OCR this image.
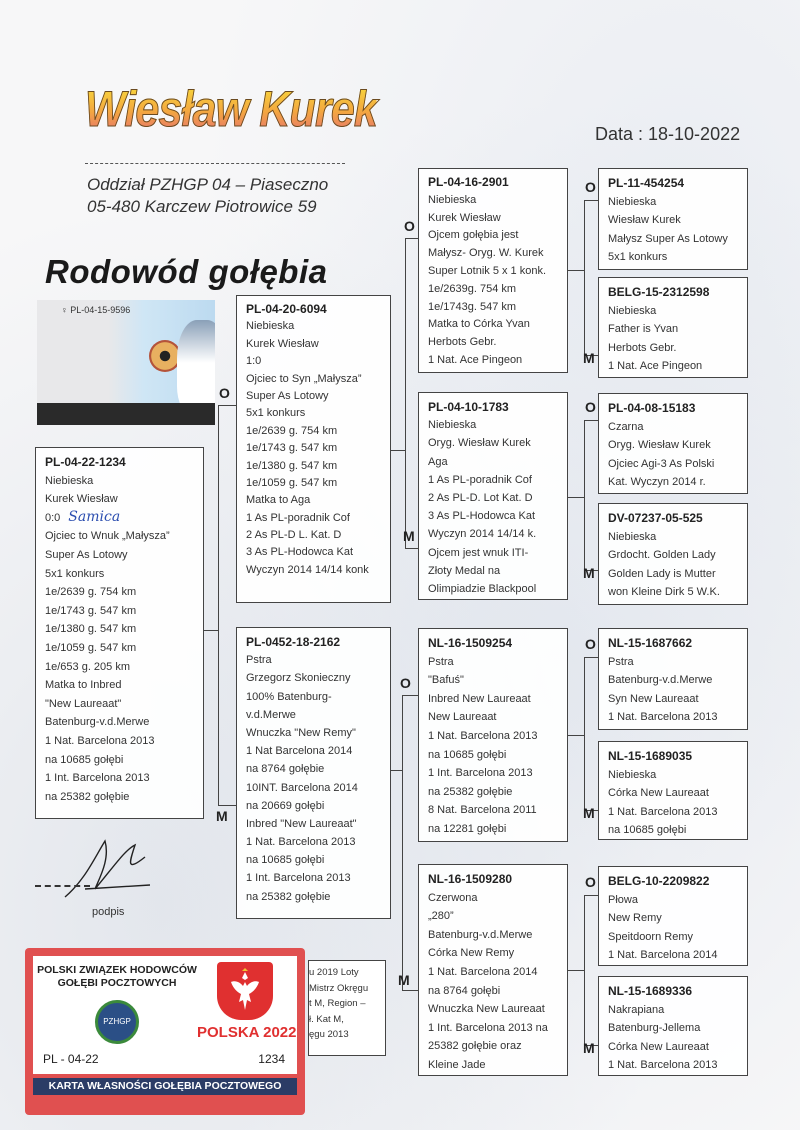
Wiesław Kurek
Oddział PZHGP 04 – Piaseczno
05-480 Karczew Piotrowice 59
Data : 18-10-2022
Rodowód gołębia
♀ PL-04-15-9596
O
M
O
M
O
M
O
M
O
M
O
M
O
M
PL-04-22-1234
Niebieska
Kurek Wiesław
0:0 Samica
Ojciec to Wnuk „Małysza”
Super As Lotowy
5x1 konkurs
1e/2639 g. 754 km
1e/1743 g. 547 km
1e/1380 g. 547 km
1e/1059 g. 547 km
1e/653 g. 205 km
Matka to Inbred
"New Laureaat"
Batenburg-v.d.Merwe
1 Nat. Barcelona 2013
na 10685 gołębi
1 Int. Barcelona 2013
na 25382 gołębie
PL-04-20-6094
Niebieska
Kurek Wiesław
1:0
Ojciec to Syn „Małysza”
Super As Lotowy
5x1 konkurs
1e/2639 g. 754 km
1e/1743 g. 547 km
1e/1380 g. 547 km
1e/1059 g. 547 km
Matka to Aga
1 As PL-poradnik Cof
2 As PL-D L. Kat. D
3 As PL-Hodowca Kat
Wyczyn 2014 14/14 konk
PL-0452-18-2162
Pstra
Grzegorz Skonieczny
100% Batenburg-
v.d.Merwe
Wnuczka "New Remy"
1 Nat Barcelona 2014
na 8764 gołębie
10INT. Barcelona 2014
na 20669 gołębi
Inbred "New Laureaat"
1 Nat. Barcelona 2013
na 10685 gołębi
1 Int. Barcelona 2013
na 25382 gołębie
PL-04-16-2901
Niebieska
Kurek Wiesław
Ojcem gołębia jest
Małysz- Oryg. W. Kurek
Super Lotnik 5 x 1 konk.
1e/2639g. 754 km
1e/1743g. 547 km
Matka to Córka Yvan
Herbots Gebr.
1 Nat. Ace Pingeon
PL-04-10-1783
Niebieska
Oryg. Wiesław Kurek
Aga
1 As PL-poradnik Cof
2 As PL-D. Lot Kat. D
3 As PL-Hodowca Kat
Wyczyn 2014 14/14 k.
Ojcem jest wnuk ITI-
Złoty Medal na
Olimpiadzie Blackpool
NL-16-1509254
Pstra
"Bafuś"
Inbred New Laureaat
New Laureaat
1 Nat. Barcelona 2013
na 10685 gołębi
1 Int. Barcelona 2013
na 25382 gołębie
8 Nat. Barcelona 2011
na 12281 gołębi
NL-16-1509280
Czerwona
„280”
Batenburg-v.d.Merwe
Córka New Remy
1 Nat. Barcelona 2014
na 8764 gołębi
Wnuczka New Laureaat
1 Int. Barcelona 2013 na
25382 gołębie oraz
Kleine Jade
PL-11-454254
Niebieska
Wiesław Kurek
Małysz Super As Lotowy
5x1 konkurs
BELG-15-2312598
Niebieska
Father is Yvan
Herbots Gebr.
1 Nat. Ace Pingeon
PL-04-08-15183
Czarna
Oryg. Wiesław Kurek
Ojciec Agi-3 As Polski
Kat. Wyczyn 2014 r.
DV-07237-05-525
Niebieska
Grdocht. Golden Lady
Golden Lady is Mutter
won Kleine Dirk 5 W.K.
NL-15-1687662
Pstra
Batenburg-v.d.Merwe
Syn New Laureaat
1 Nat. Barcelona 2013
NL-15-1689035
Niebieska
Córka New Laureaat
1 Nat. Barcelona 2013
na 10685 gołębi
BELG-10-2209822
Płowa
New Remy
Speitdoorn Remy
1 Nat. Barcelona 2014
NL-15-1689336
Nakrapiana
Batenburg-Jellema
Córka New Laureaat
1 Nat. Barcelona 2013
u 2019 Loty
Mistrz Okręgu
t M, Region –
ł. Kat M,
ęgu 2013
podpis
POLSKI ZWIĄZEK HODOWCÓW
GOŁĘBI POCZTOWYCH
PZHGP
POLSKA 2022
PL - 04-22	1234
KARTA WŁASNOŚCI GOŁĘBIA POCZTOWEGO
